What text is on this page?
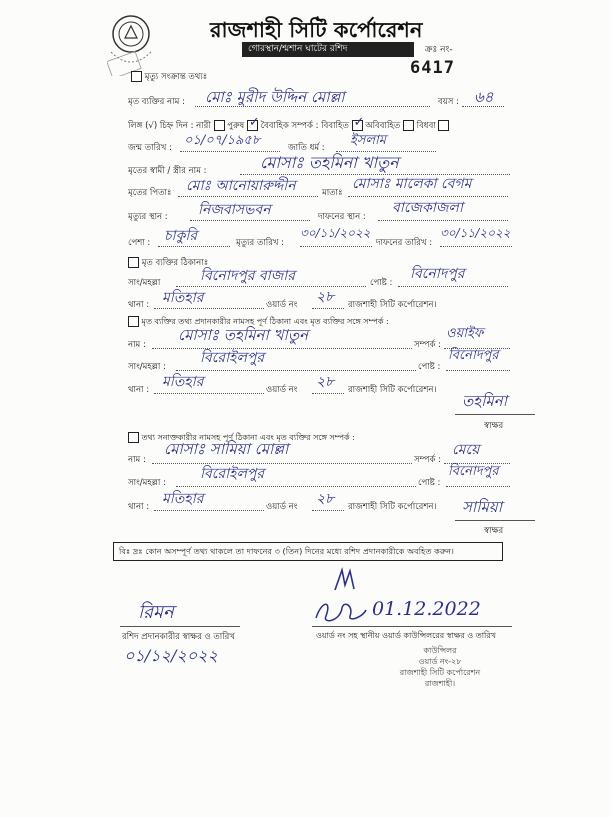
রাজশাহী সিটি কর্পোরেশন
গোরস্থান/শ্মশান ঘাটের রশিদ	ক্রঃ নং-
6417
মৃত্যু সংক্রান্ত তথ্যঃ
মৃত ব্যক্তির নাম : মোঃ মুরীদ উদ্দিন মোল্লা	বয়স : ৬৪
লিঙ্গ (√) চিহ্ন দিন : নারী পুরুষ ✓ বৈবাহিক সম্পর্ক : বিবাহিত ✓ অবিবাহিত বিধবা
জন্ম তারিখ : ০১/০৭/১৯৫৮	জাতি ধর্ম : ইসলাম
মৃতের স্বামী / স্ত্রীর নাম :	মোসাঃ তহমিনা খাতুন
মৃতের পিতাঃ মোঃ আনোয়ারুদ্দীন	মাতাঃ
মোসাঃ মালেকা বেগম
মৃত্যুর স্থান : নিজবাসভবন	দাফনের স্থান :
বাজেকাজলা
পেশা : চাকুরি	মৃত্যুর তারিখ :
৩০/১১/২০২২
দাফনের তারিখ :
৩০/১১/২০২২
মৃত ব্যক্তির ঠিকানাঃ
সাং/মহল্লা	বিনোদপুর বাজার	পোষ্ট :
বিনোদপুর
থানা : মতিহার	ওয়ার্ড নং ২৮ রাজশাহী সিটি কর্পোরেশন।
মৃত ব্যক্তির তথ্য প্রদানকারীর নামসহ পূর্ণ ঠিকানা এবং মৃত ব্যক্তির সঙ্গে সম্পর্ক :
নাম :
মোসাঃ তহমিনা খাতুন
সম্পর্ক :
ওয়াইফ
সাং/মহল্লা :
বিরোইলপুর
পোষ্ট :
বিনোদপুর
থানা : মতিহার	ওয়ার্ড নং ২৮ রাজশাহী সিটি কর্পোরেশন।
তহমিনা
স্বাক্ষর
তথ্য সনাক্তকারীর নামসহ পূর্ণ ঠিকানা এবং মৃত ব্যক্তির সঙ্গে সম্পর্ক :
নাম :
মোসাঃ সামিয়া মোল্লা
সম্পর্ক :
মেয়ে
সাং/মহল্লা :
বিরোইলপুর
পোষ্ট :
বিনোদপুর
থানা : মতিহার	ওয়ার্ড নং ২৮ রাজশাহী সিটি কর্পোরেশন। সামিয়া
স্বাক্ষর
বিঃ দ্রঃ কোন অসম্পূর্ণ তথ্য থাকলে তা দাফনের ৩ (তিন) দিনের মধ্যে রশিদ প্রদানকারীকে অবহিত করুন।
রিমন
রশিদ প্রদানকারীর স্বাক্ষর ও তারিখ
০১/১২/২০২২
01.12.2022
ওয়ার্ড নং সহ স্থানীয় ওয়ার্ড কাউন্সিলরের স্বাক্ষর ও তারিখ
কাউন্সিলর
ওয়ার্ড নং-২৮
রাজশাহী সিটি কর্পোরেশন
রাজশাহী।
